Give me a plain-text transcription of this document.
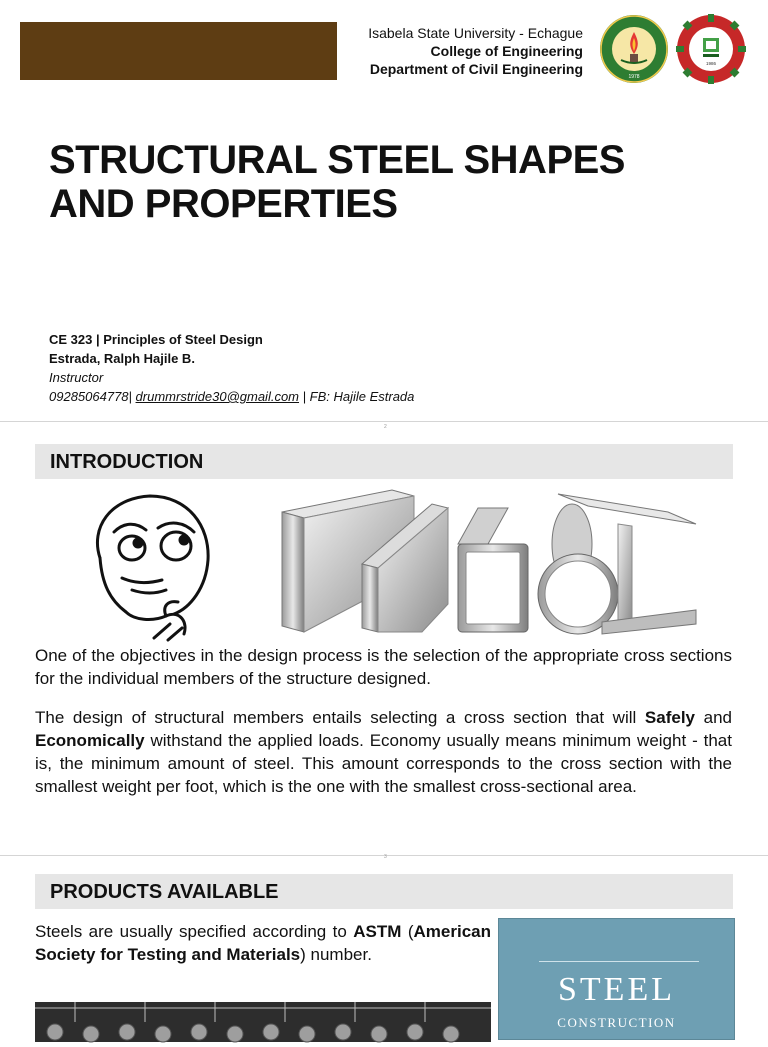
Isabela State University - Echague
College of Engineering
Department of Civil Engineering	1978
1986
STRUCTURAL STEEL SHAPES
AND PROPERTIES
CE 323 | Principles of Steel Design
Estrada, Ralph Hajile B.
Instructor
09285064778| drummrstride30@gmail.com | FB: Hajile Estrada
2
INTRODUCTION

One of the objectives in the design process is the selection of the appropriate cross sections for the individual members of the structure designed.

The design of structural members entails selecting a cross section that will Safely and Economically withstand the applied loads. Economy usually means minimum weight - that is, the minimum amount of steel. This amount corresponds to the cross section with the smallest weight per foot, which is the one with the smallest cross-sectional area.

3
PRODUCTS AVAILABLE

Steels are usually specified according to ASTM (American Society for Testing and Materials) number.

STEEL
CONSTRUCTION
